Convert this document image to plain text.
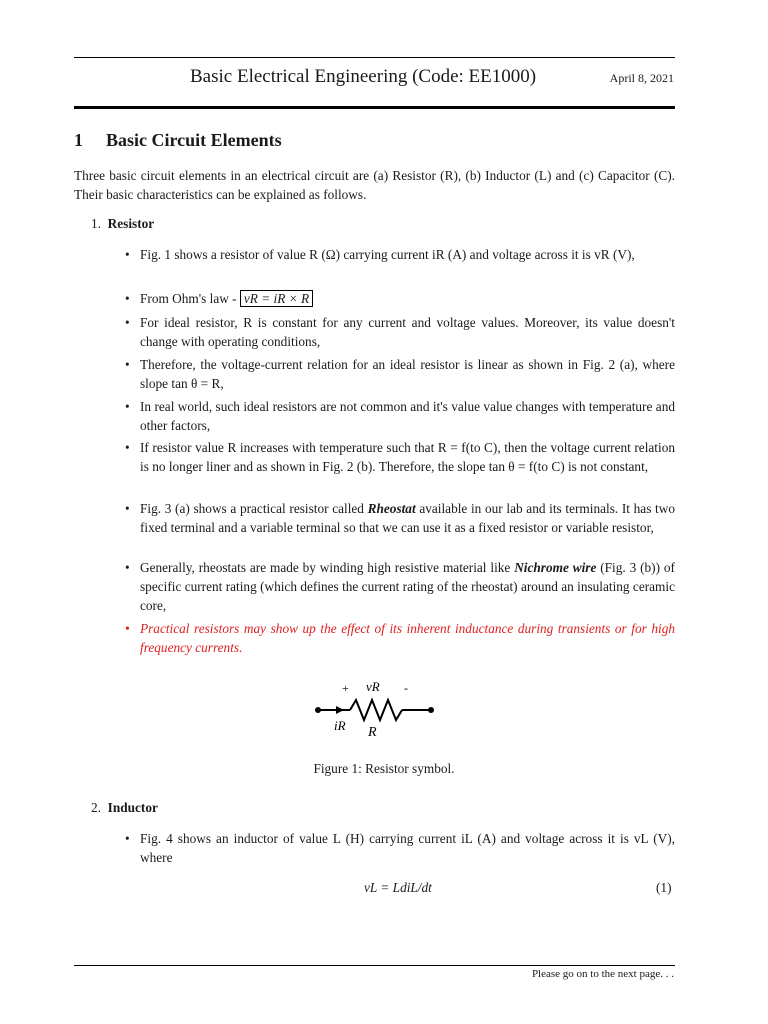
Basic Electrical Engineering (Code: EE1000)	April 8, 2021
1 Basic Circuit Elements
Three basic circuit elements in an electrical circuit are (a) Resistor (R), (b) Inductor (L) and (c) Capacitor (C). Their basic characteristics can be explained as follows.
1. Resistor
• Fig. 1 shows a resistor of value R (Ω) carrying current iR (A) and voltage across it is vR (V),
• From Ohm's law - vR = iR × R
• For ideal resistor, R is constant for any current and voltage values. Moreover, its value doesn't change with operating conditions,
• Therefore, the voltage-current relation for an ideal resistor is linear as shown in Fig. 2 (a), where slope tan θ = R,
• In real world, such ideal resistors are not common and it's value value changes with temperature and other factors,
• If resistor value R increases with temperature such that R = f(to C), then the voltage current relation is no longer liner and as shown in Fig. 2 (b). Therefore, the slope tan θ = f(to C) is not constant,
• Fig. 3 (a) shows a practical resistor called Rheostat available in our lab and its terminals. It has two fixed terminal and a variable terminal so that we can use it as a fixed resistor or variable resistor,
• Generally, rheostats are made by winding high resistive material like Nichrome wire (Fig. 3 (b)) of specific current rating (which defines the current rating of the rheostat) around an insulating ceramic core,
• Practical resistors may show up the effect of its inherent inductance during transients or for high frequency currents.
+ vR -
iR R
Figure 1: Resistor symbol.
2. Inductor
• Fig. 4 shows an inductor of value L (H) carrying current iL (A) and voltage across it is vL (V), where
vL = LdiL/dt	(1)
Please go on to the next page. . .
